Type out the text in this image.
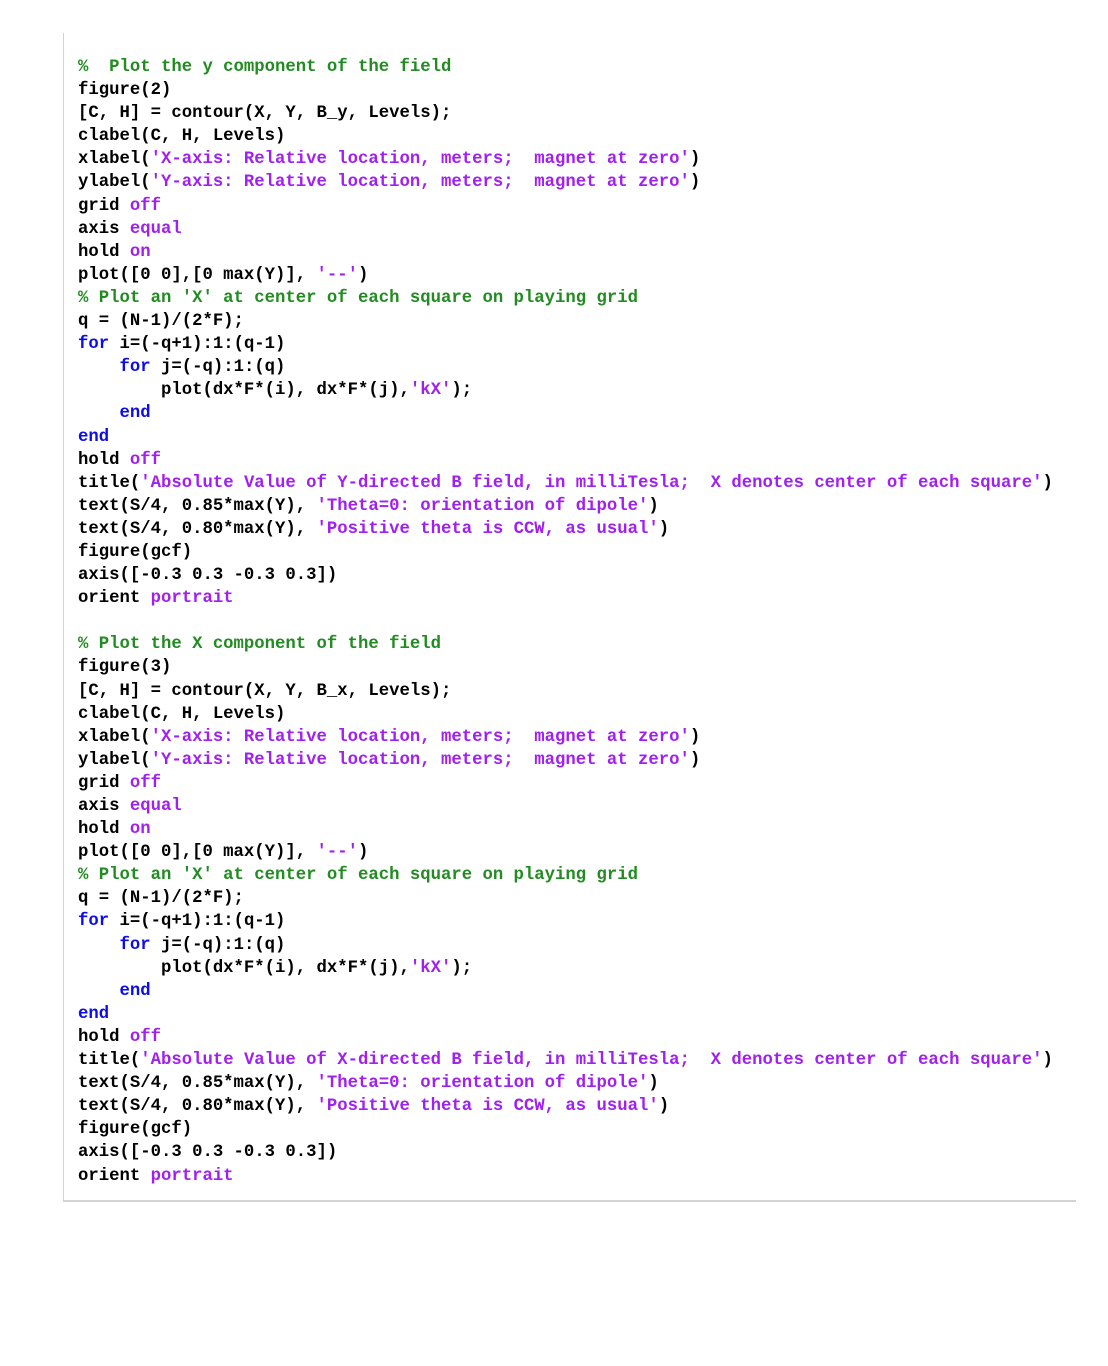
%  Plot the y component of the field
figure(2)
[C, H] = contour(X, Y, B_y, Levels);
clabel(C, H, Levels)
xlabel('X-axis: Relative location, meters;  magnet at zero')
ylabel('Y-axis: Relative location, meters;  magnet at zero')
grid off
axis equal
hold on
plot([0 0],[0 max(Y)], '--')
% Plot an 'X' at center of each square on playing grid
q = (N-1)/(2*F);
for i=(-q+1):1:(q-1)
for j=(-q):1:(q)
plot(dx*F*(i), dx*F*(j),'kX');
end
end
hold off
title('Absolute Value of Y-directed B field, in milliTesla;  X denotes center of each square')
text(S/4, 0.85*max(Y), 'Theta=0: orientation of dipole')
text(S/4, 0.80*max(Y), 'Positive theta is CCW, as usual')
figure(gcf)
axis([-0.3 0.3 -0.3 0.3])
orient portrait

% Plot the X component of the field
figure(3)
[C, H] = contour(X, Y, B_x, Levels);
clabel(C, H, Levels)
xlabel('X-axis: Relative location, meters;  magnet at zero')
ylabel('Y-axis: Relative location, meters;  magnet at zero')
grid off
axis equal
hold on
plot([0 0],[0 max(Y)], '--')
% Plot an 'X' at center of each square on playing grid
q = (N-1)/(2*F);
for i=(-q+1):1:(q-1)
for j=(-q):1:(q)
plot(dx*F*(i), dx*F*(j),'kX');
end
end
hold off
title('Absolute Value of X-directed B field, in milliTesla;  X denotes center of each square')
text(S/4, 0.85*max(Y), 'Theta=0: orientation of dipole')
text(S/4, 0.80*max(Y), 'Positive theta is CCW, as usual')
figure(gcf)
axis([-0.3 0.3 -0.3 0.3])
orient portrait
